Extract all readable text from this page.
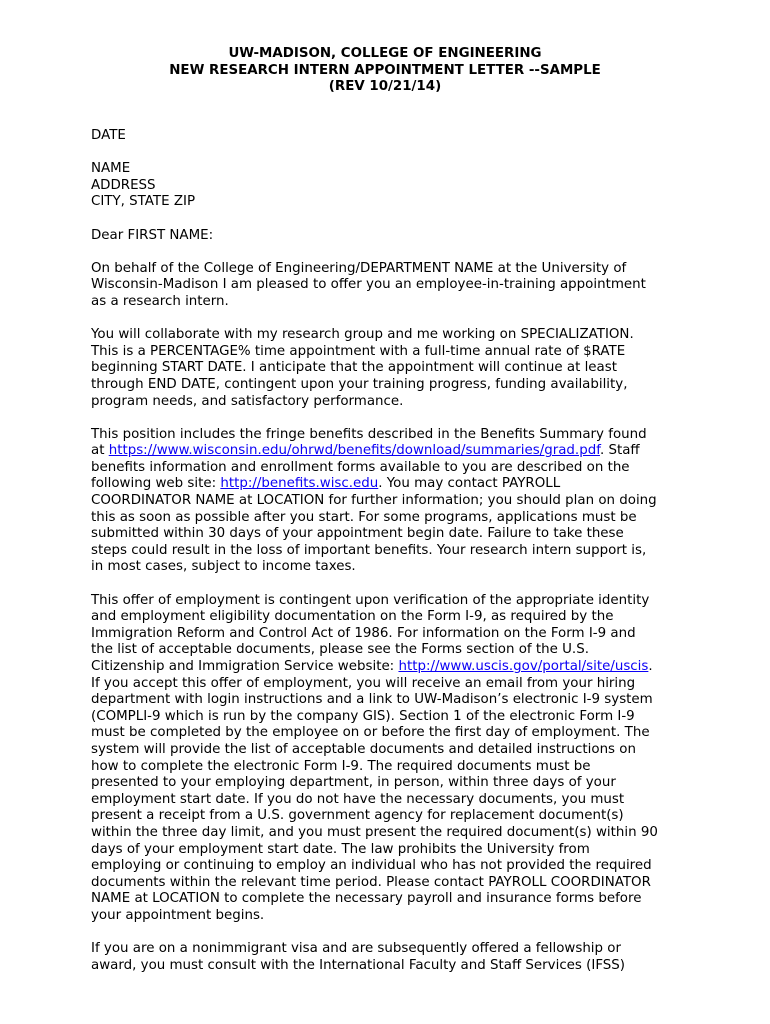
UW-MADISON, COLLEGE OF ENGINEERING
NEW RESEARCH INTERN APPOINTMENT LETTER --SAMPLE
(REV 10/21/14)

DATE

NAME
ADDRESS
CITY, STATE ZIP

Dear FIRST NAME:

On behalf of the College of Engineering/DEPARTMENT NAME at the University of
Wisconsin-Madison I am pleased to offer you an employee-in-training appointment
as a research intern.

You will collaborate with my research group and me working on SPECIALIZATION.
This is a PERCENTAGE% time appointment with a full-time annual rate of $RATE
beginning START DATE. I anticipate that the appointment will continue at least
through END DATE, contingent upon your training progress, funding availability,
program needs, and satisfactory performance.

This position includes the fringe benefits described in the Benefits Summary found
at https://www.wisconsin.edu/ohrwd/benefits/download/summaries/grad.pdf. Staff
benefits information and enrollment forms available to you are described on the
following web site: http://benefits.wisc.edu. You may contact PAYROLL
COORDINATOR NAME at LOCATION for further information; you should plan on doing
this as soon as possible after you start. For some programs, applications must be
submitted within 30 days of your appointment begin date. Failure to take these
steps could result in the loss of important benefits. Your research intern support is,
in most cases, subject to income taxes.

This offer of employment is contingent upon verification of the appropriate identity
and employment eligibility documentation on the Form I-9, as required by the
Immigration Reform and Control Act of 1986. For information on the Form I-9 and
the list of acceptable documents, please see the Forms section of the U.S.
Citizenship and Immigration Service website: http://www.uscis.gov/portal/site/uscis.
If you accept this offer of employment, you will receive an email from your hiring
department with login instructions and a link to UW-Madison’s electronic I-9 system
(COMPLI-9 which is run by the company GIS). Section 1 of the electronic Form I-9
must be completed by the employee on or before the first day of employment. The
system will provide the list of acceptable documents and detailed instructions on
how to complete the electronic Form I-9. The required documents must be
presented to your employing department, in person, within three days of your
employment start date. If you do not have the necessary documents, you must
present a receipt from a U.S. government agency for replacement document(s)
within the three day limit, and you must present the required document(s) within 90
days of your employment start date. The law prohibits the University from
employing or continuing to employ an individual who has not provided the required
documents within the relevant time period. Please contact PAYROLL COORDINATOR
NAME at LOCATION to complete the necessary payroll and insurance forms before
your appointment begins.

If you are on a nonimmigrant visa and are subsequently offered a fellowship or
award, you must consult with the International Faculty and Staff Services (IFSS)
